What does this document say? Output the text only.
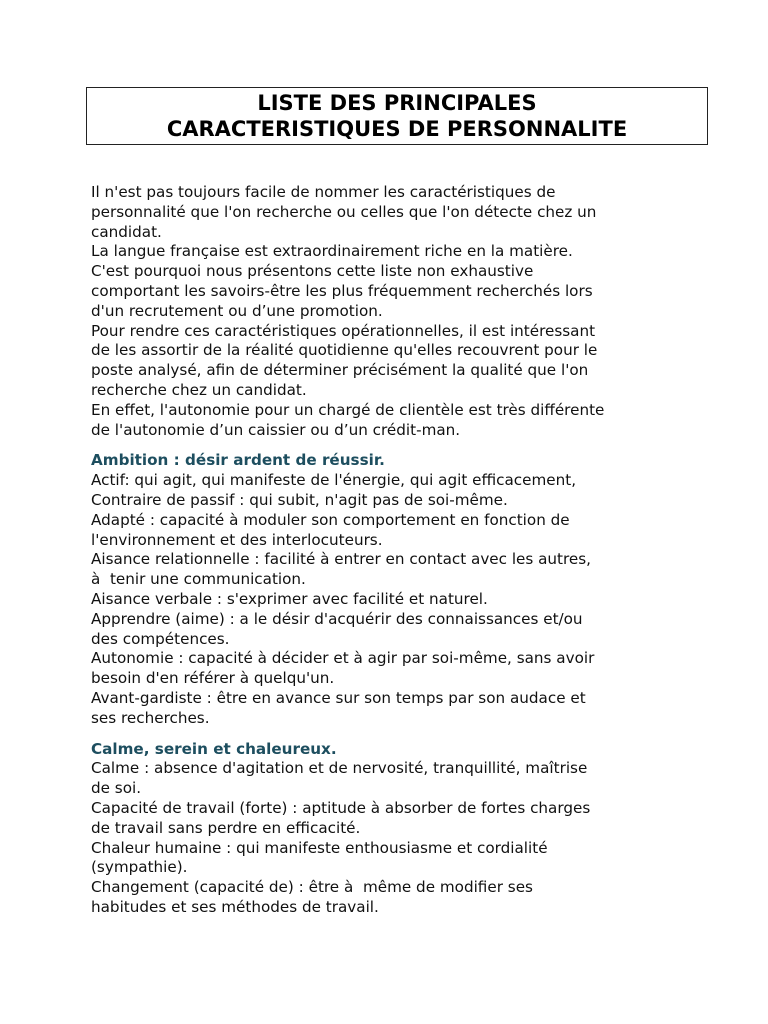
LISTE DES PRINCIPALES
CARACTERISTIQUES DE PERSONNALITE
Il n'est pas toujours facile de nommer les caractéristiques de
personnalité que l'on recherche ou celles que l'on détecte chez un
candidat.
La langue française est extraordinairement riche en la matière.
C'est pourquoi nous présentons cette liste non exhaustive
comportant les savoirs-être les plus fréquemment recherchés lors
d'un recrutement ou d’une promotion.
Pour rendre ces caractéristiques opérationnelles, il est intéressant
de les assortir de la réalité quotidienne qu'elles recouvrent pour le
poste analysé, afin de déterminer précisément la qualité que l'on
recherche chez un candidat.
En effet, l'autonomie pour un chargé de clientèle est très différente
de l'autonomie d’un caissier ou d’un crédit-man.
Ambition : désir ardent de réussir.
Actif: qui agit, qui manifeste de l'énergie, qui agit efficacement,
Contraire de passif : qui subit, n'agit pas de soi-même.
Adapté : capacité à moduler son comportement en fonction de
l'environnement et des interlocuteurs.
Aisance relationnelle : facilité à entrer en contact avec les autres,
à  tenir une communication.
Aisance verbale : s'exprimer avec facilité et naturel.
Apprendre (aime) : a le désir d'acquérir des connaissances et/ou
des compétences.
Autonomie : capacité à décider et à agir par soi-même, sans avoir
besoin d'en référer à quelqu'un.
Avant-gardiste : être en avance sur son temps par son audace et
ses recherches.
Calme, serein et chaleureux.
Calme : absence d'agitation et de nervosité, tranquillité, maîtrise
de soi.
Capacité de travail (forte) : aptitude à absorber de fortes charges
de travail sans perdre en efficacité.
Chaleur humaine : qui manifeste enthousiasme et cordialité
(sympathie).
Changement (capacité de) : être à  même de modifier ses
habitudes et ses méthodes de travail.
